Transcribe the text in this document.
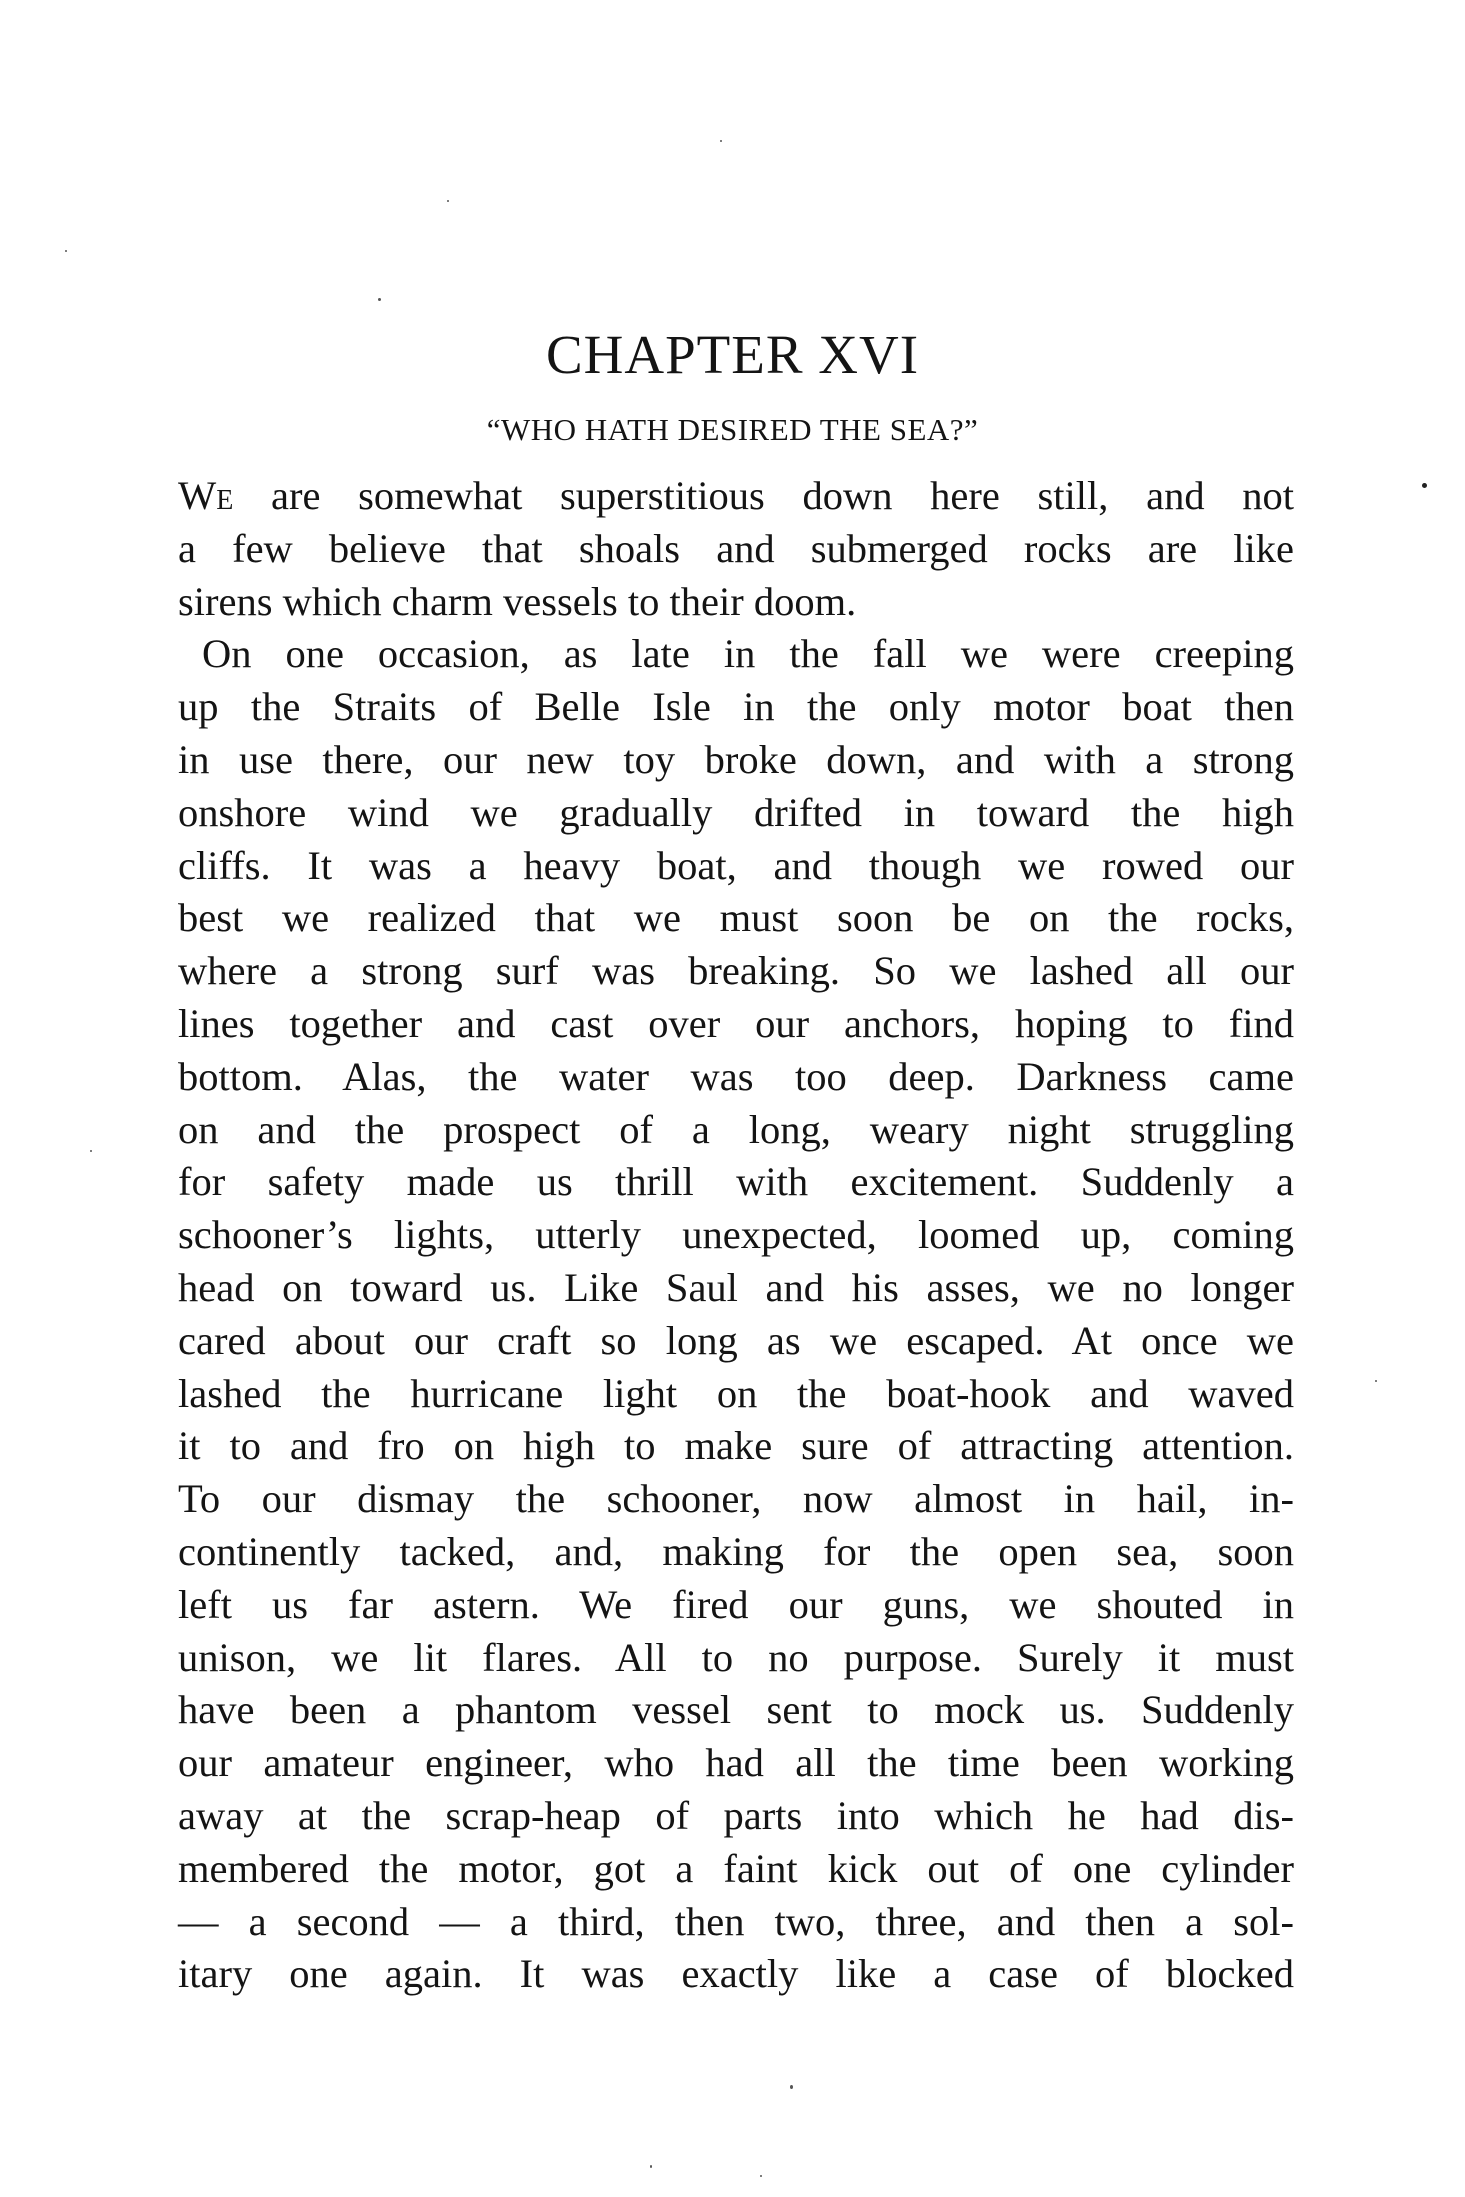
CHAPTER XVI
“WHO HATH DESIRED THE SEA?”
We are somewhat superstitious down here still, and not
a few believe that shoals and submerged rocks are like
sirens which charm vessels to their doom.
On one occasion, as late in the fall we were creeping
up the Straits of Belle Isle in the only motor boat then
in use there, our new toy broke down, and with a strong
onshore wind we gradually drifted in toward the high
cliffs. It was a heavy boat, and though we rowed our
best we realized that we must soon be on the rocks,
where a strong surf was breaking. So we lashed all our
lines together and cast over our anchors, hoping to find
bottom. Alas, the water was too deep. Darkness came
on and the prospect of a long, weary night struggling
for safety made us thrill with excitement. Suddenly a
schooner’s lights, utterly unexpected, loomed up, coming
head on toward us. Like Saul and his asses, we no longer
cared about our craft so long as we escaped. At once we
lashed the hurricane light on the boat-hook and waved
it to and fro on high to make sure of attracting attention.
To our dismay the schooner, now almost in hail, in-
continently tacked, and, making for the open sea, soon
left us far astern. We fired our guns, we shouted in
unison, we lit flares. All to no purpose. Surely it must
have been a phantom vessel sent to mock us. Suddenly
our amateur engineer, who had all the time been working
away at the scrap-heap of parts into which he had dis-
membered the motor, got a faint kick out of one cylinder
— a second — a third, then two, three, and then a sol-
itary one again. It was exactly like a case of blocked
